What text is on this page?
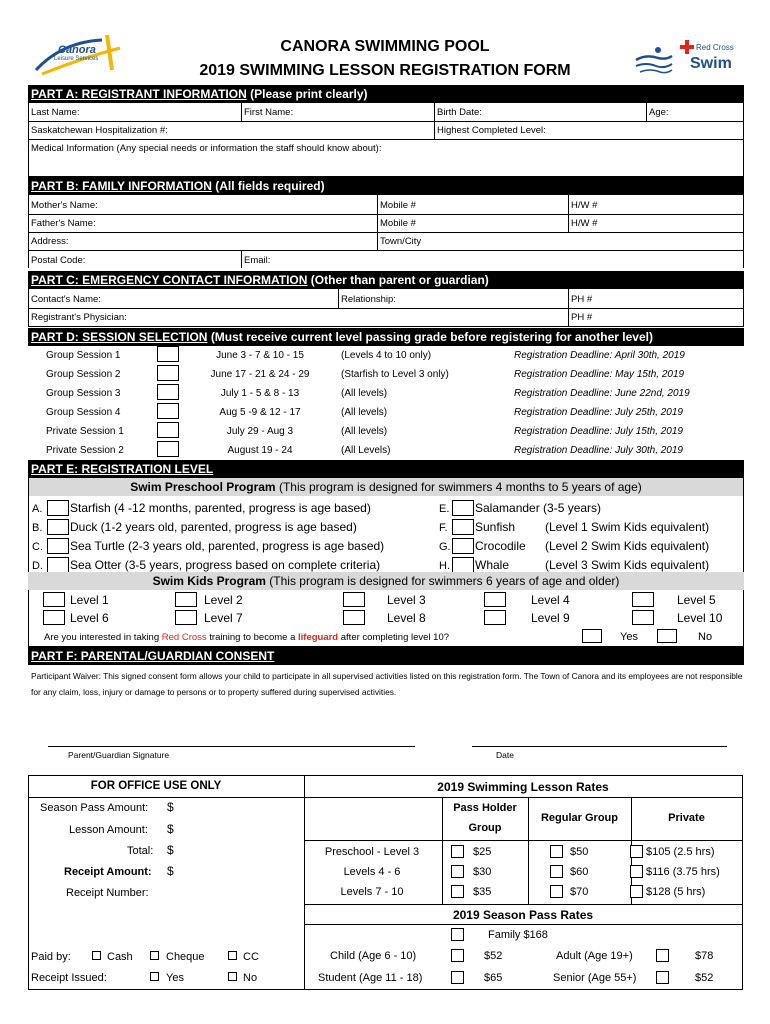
Canora
Leisure Services
CANORA SWIMMING POOL
2019 SWIMMING LESSON REGISTRATION FORM
Red Cross
Swim
PART A: REGISTRANT INFORMATION (Please print clearly)
Last Name:	First Name:	Birth Date:	Age:
Saskatchewan Hospitalization #:	Highest Completed Level:
Medical Information (Any special needs or information the staff should know about):
PART B: FAMILY INFORMATION (All fields required)
Mother's Name:	Mobile #	H/W #
Father's Name:	Mobile #	H/W #
Address:	Town/City
Postal Code:	Email:
PART C: EMERGENCY CONTACT INFORMATION (Other than parent or guardian)
Contact's Name:	Relationship:	PH #
Registrant's Physician:	PH #
PART D: SESSION SELECTION (Must receive current level passing grade before registering for another level)
Group Session 1	June 3 - 7 & 10 - 15	(Levels 4 to 10 only)	Registration Deadline: April 30th, 2019
Group Session 2	June 17 - 21 & 24 - 29	(Starfish to Level 3 only)	Registration Deadline: May 15th, 2019
Group Session 3	July 1 - 5 & 8 - 13	(All levels)	Registration Deadline: June 22nd, 2019
Group Session 4	Aug 5 -9 & 12 - 17	(All levels)	Registration Deadline: July 25th, 2019
Private Session 1	July 29 - Aug 3	(All levels)	Registration Deadline: July 15th, 2019
Private Session 2	August 19 - 24	(All Levels)	Registration Deadline: July 30th, 2019
PART E: REGISTRATION LEVEL
Swim Preschool Program (This program is designed for swimmers 4 months to 5 years of age)
A. Starfish (4 -12 months, parented, progress is age based)
B. Duck (1-2 years old, parented, progress is age based)
C. Sea Turtle (2-3 years old, parented, progress is age based)
D. Sea Otter (3-5 years, progress based on complete criteria)
E. Salamander (3-5 years)
F. Sunfish (Level 1 Swim Kids equivalent)
G. Crocodile (Level 2 Swim Kids equivalent)
H. Whale	(Level 3 Swim Kids equivalent)
Swim Kids Program (This program is designed for swimmers 6 years of age and older)
Level 1	Level 2	Level 3	Level 4	Level 5
Level 6	Level 7	Level 8	Level 9	Level 10
Are you interested in taking Red Cross training to become a lifeguard after completing level 10?	Yes	No
PART F: PARENTAL/GUARDIAN CONSENT
Participant Waiver: This signed consent form allows your child to participate in all supervised activities listed on this registration form. The Town of Canora and its employees are not responsible for any claim, loss, injury or damage to persons or to property suffered during supervised activities.
Parent/Guardian Signature	Date
FOR OFFICE USE ONLY
Season Pass Amount: $
Lesson Amount: $
Total: $
Receipt Amount: $
Receipt Number:
Paid by:	Cash	Cheque	CC
Receipt Issued:	Yes	No
2019 Swimming Lesson Rates
Pass Holder
Group
Regular Group	Private
Preschool - Level 3	$25	$50	$105 (2.5 hrs)
Levels 4 - 6	$30	$60	$116 (3.75 hrs)
Levels 7 - 10	$35	$70	$128 (5 hrs)
2019 Season Pass Rates
Family $168
Child (Age 6 - 10)	$52	Adult (Age 19+)	$78
Student (Age 11 - 18)	$65	Senior (Age 55+)	$52
